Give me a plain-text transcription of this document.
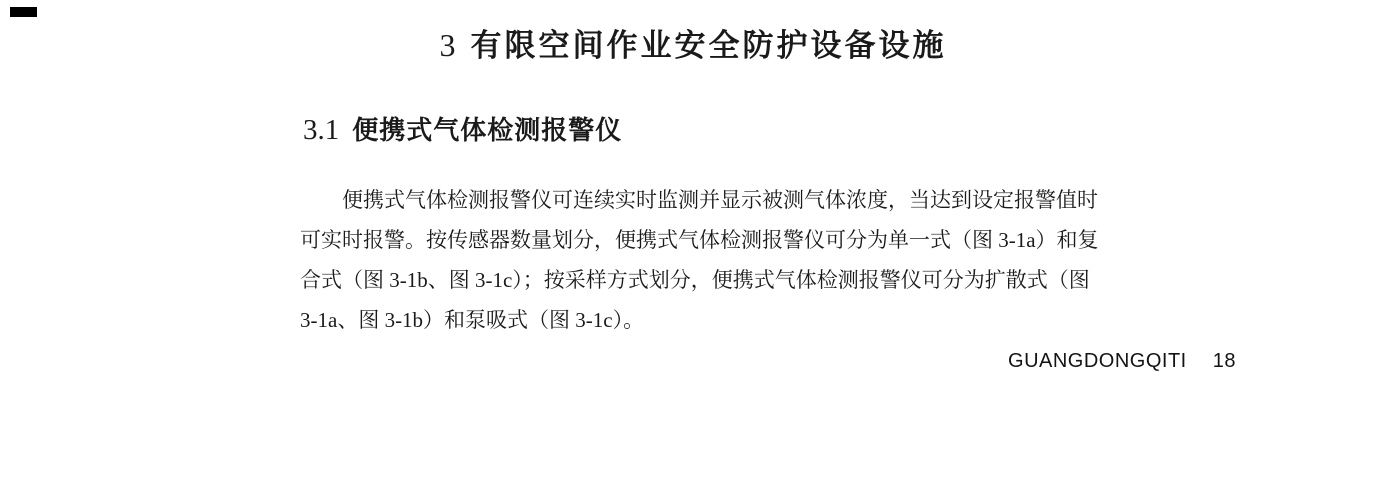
3 有限空间作业安全防护设备设施
3.1 便携式气体检测报警仪
便携式气体检测报警仪可连续实时监测并显示被测气体浓度，当达到设定报警值时
可实时报警。按传感器数量划分，便携式气体检测报警仪可分为单一式（图 3-1a）和复
合式（图 3-1b、图 3-1c）；按采样方式划分，便携式气体检测报警仪可分为扩散式（图
3-1a、图 3-1b）和泵吸式（图 3-1c）。
GUANGDONGQITI 18
